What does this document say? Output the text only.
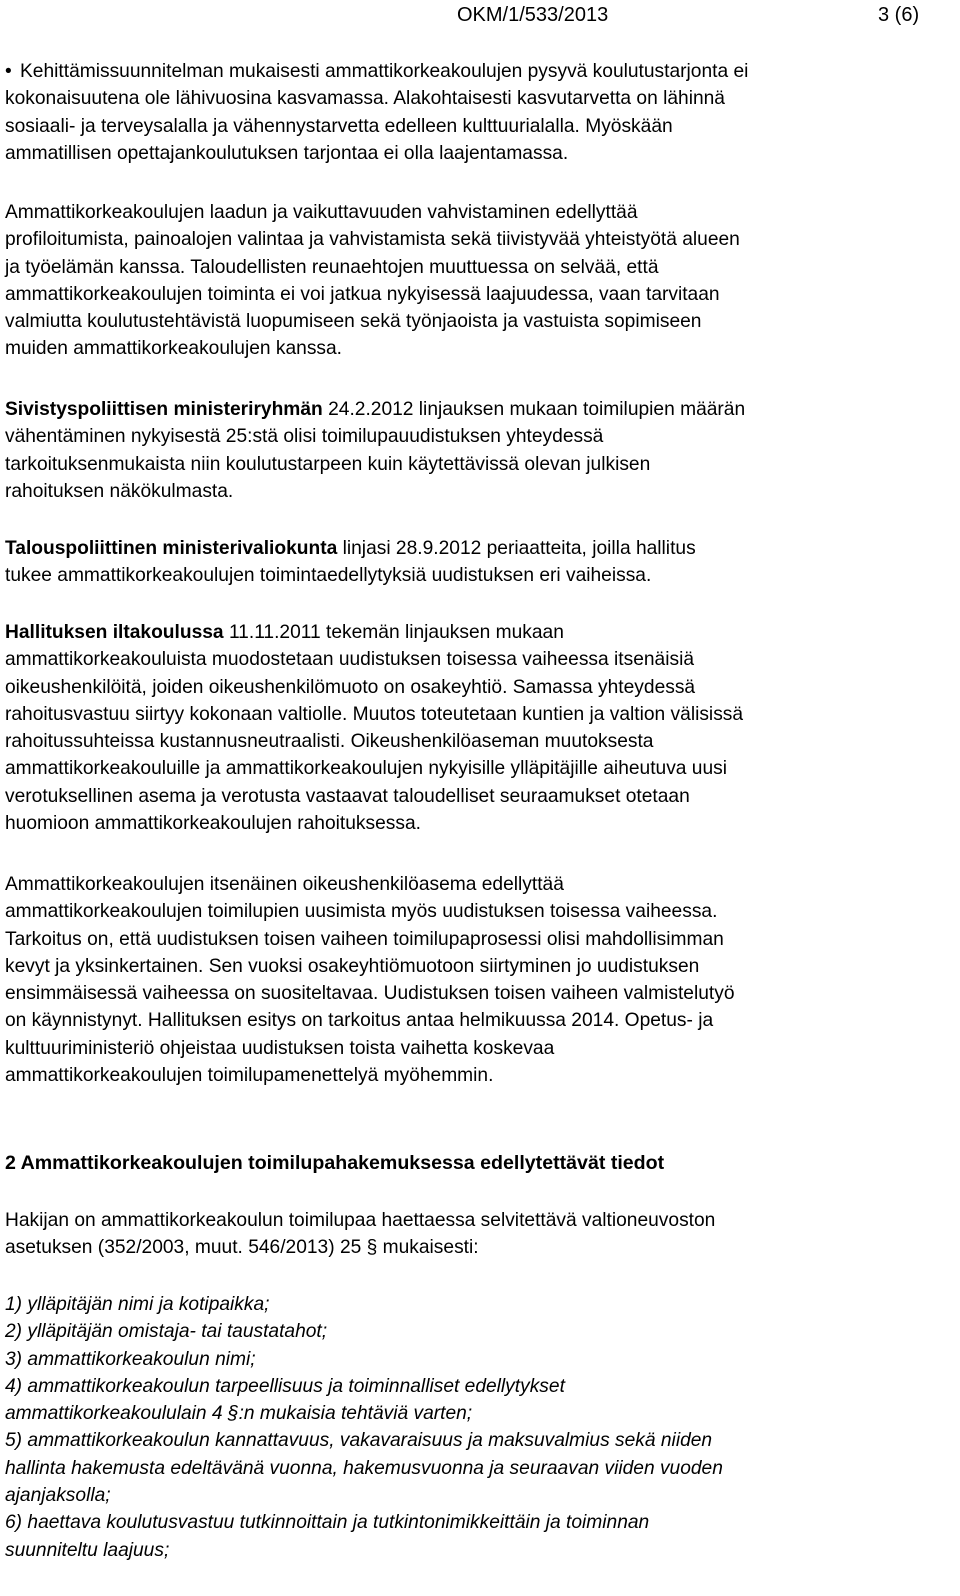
OKM/1/533/2013	3 (6)
• Kehittämissuunnitelman mukaisesti ammattikorkeakoulujen pysyvä koulutustarjonta ei
kokonaisuutena ole lähivuosina kasvamassa. Alakohtaisesti kasvutarvetta on lähinnä
sosiaali- ja terveysalalla ja vähennystarvetta edelleen kulttuurialalla. Myöskään
ammatillisen opettajankoulutuksen tarjontaa ei olla laajentamassa.
Ammattikorkeakoulujen laadun ja vaikuttavuuden vahvistaminen edellyttää
profiloitumista, painoalojen valintaa ja vahvistamista sekä tiivistyvää yhteistyötä alueen
ja työelämän kanssa. Taloudellisten reunaehtojen muuttuessa on selvää, että
ammattikorkeakoulujen toiminta ei voi jatkua nykyisessä laajuudessa, vaan tarvitaan
valmiutta koulutustehtävistä luopumiseen sekä työnjaoista ja vastuista sopimiseen
muiden ammattikorkeakoulujen kanssa.
Sivistyspoliittisen ministeriryhmän 24.2.2012 linjauksen mukaan toimilupien määrän
vähentäminen nykyisestä 25:stä olisi toimilupauudistuksen yhteydessä
tarkoituksenmukaista niin koulutustarpeen kuin käytettävissä olevan julkisen
rahoituksen näkökulmasta.
Talouspoliittinen ministerivaliokunta linjasi 28.9.2012 periaatteita, joilla hallitus
tukee ammattikorkeakoulujen toimintaedellytyksiä uudistuksen eri vaiheissa.
Hallituksen iltakoulussa 11.11.2011 tekemän linjauksen mukaan
ammattikorkeakouluista muodostetaan uudistuksen toisessa vaiheessa itsenäisiä
oikeushenkilöitä, joiden oikeushenkilömuoto on osakeyhtiö. Samassa yhteydessä
rahoitusvastuu siirtyy kokonaan valtiolle. Muutos toteutetaan kuntien ja valtion välisissä
rahoitussuhteissa kustannusneutraalisti. Oikeushenkilöaseman muutoksesta
ammattikorkeakouluille ja ammattikorkeakoulujen nykyisille ylläpitäjille aiheutuva uusi
verotuksellinen asema ja verotusta vastaavat taloudelliset seuraamukset otetaan
huomioon ammattikorkeakoulujen rahoituksessa.
Ammattikorkeakoulujen itsenäinen oikeushenkilöasema edellyttää
ammattikorkeakoulujen toimilupien uusimista myös uudistuksen toisessa vaiheessa.
Tarkoitus on, että uudistuksen toisen vaiheen toimilupaprosessi olisi mahdollisimman
kevyt ja yksinkertainen. Sen vuoksi osakeyhtiömuotoon siirtyminen jo uudistuksen
ensimmäisessä vaiheessa on suositeltavaa. Uudistuksen toisen vaiheen valmistelutyö
on käynnistynyt. Hallituksen esitys on tarkoitus antaa helmikuussa 2014. Opetus- ja
kulttuuriministeriö ohjeistaa uudistuksen toista vaihetta koskevaa
ammattikorkeakoulujen toimilupamenettelyä myöhemmin.
2 Ammattikorkeakoulujen toimilupahakemuksessa edellytettävät tiedot
Hakijan on ammattikorkeakoulun toimilupaa haettaessa selvitettävä valtioneuvoston
asetuksen (352/2003, muut. 546/2013) 25 § mukaisesti:
1) ylläpitäjän nimi ja kotipaikka;
2) ylläpitäjän omistaja- tai taustatahot;
3) ammattikorkeakoulun nimi;
4) ammattikorkeakoulun tarpeellisuus ja toiminnalliset edellytykset
ammattikorkeakoululain 4 §:n mukaisia tehtäviä varten;
5) ammattikorkeakoulun kannattavuus, vakavaraisuus ja maksuvalmius sekä niiden
hallinta hakemusta edeltävänä vuonna, hakemusvuonna ja seuraavan viiden vuoden
ajanjaksolla;
6) haettava koulutusvastuu tutkinnoittain ja tutkintonimikkeittäin ja toiminnan
suunniteltu laajuus;
